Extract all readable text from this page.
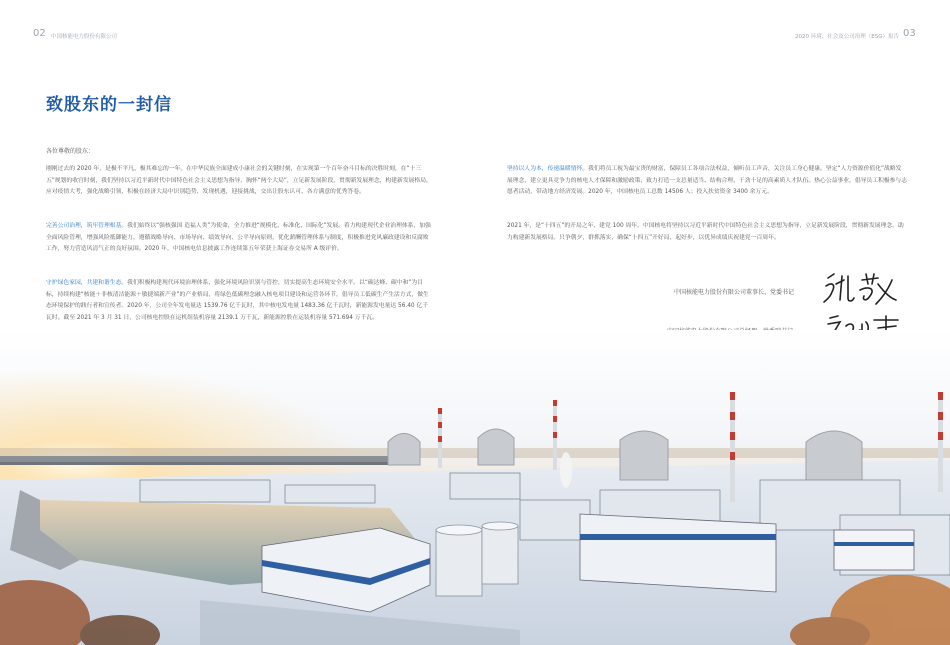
02 中国核能电力股份有限公司	2020 环境、社会及公司治理（ESG）报告 03
致股东的一封信
各位尊敬的股东：

刚刚过去的 2020 年，是极不平凡、极其难忘的一年。在中华民族全面建成小康社会的关键时刻，在实现第一个百年奋斗目标的决胜时刻，在“十三五”规划的收官时刻，我们坚持以习近平新时代中国特色社会主义思想为指导，胸怀“两个大局”，立足新发展阶段，贯彻新发展理念，构建新发展格局，应对疫情大考，强化战略引领，积极在经济大局中识别趋势，发现机遇，迎接挑战，交出让股东认可、各方满意的优秀答卷。

完善公司治理，筑牢管理根基。我们始终以“强核强国 造福人类”为使命，全力推进“规模化、标准化、国际化”发展。着力构建现代企业治理体系，加强全面风险管理，增强风险抵御能力，遵循战略导向、市场导向、绩效导向、公平导向原则，优化薪酬管理体系与制度，积极推进党风廉政建设和反腐败工作，努力营造风清气正的良好氛围。2020 年，中国核电信息披露工作连续第五年荣获上海证券交易所 A 级评价。

守护绿色家园，共建和谐生态。我们积极构建现代环境治理体系，强化环境风险识别与管控，切实提高生态环境安全水平。以“碳达峰、碳中和”为目标，持续构建“核能＋非核清洁能源＋敏捷端新产业”的产业格局，将绿色低碳理念融入核电项目建设和运营各环节，倡导员工低碳生产生活方式，做生态环境保护的践行者和宣传者。2020 年，公司全年发电量达 1539.76 亿千瓦时，其中核电发电量 1483.36 亿千瓦时，新能源发电量达 56.40 亿千瓦时。截至 2021 年 3 月 31 日，公司核电控股在运机组装机容量 2139.1 万千瓦，新能源控股在运装机容量 571.694 万千瓦。

坚持以人为本，传递温暖情怀。我们将员工视为最宝贵的财富，保障员工各项合法权益，倾听员工声音，关注员工身心健康。坚定“人力资源价值化”战略发展理念，建立更具竞争力的核电人才保障和激励政策，致力打造一支总量适当、结构合理、干劲十足的高素质人才队伍。热心公益事业，倡导员工积极参与志愿者活动，带动地方经济发展。2020 年，中国核电员工总数 14506 人；投入扶贫资金 3400 余万元。

2021 年，是“十四五”的开局之年、建党 100 周年。中国核电将坚持以习近平新时代中国特色社会主义思想为指导，立足新发展阶段，贯彻新发展理念，助力构建新发展格局。只争朝夕，群抓落实，确保“十四五”开好局、起好步，以优异成绩庆祝建党一百周年。

中国核能电力股份有限公司董事长、党委书记
